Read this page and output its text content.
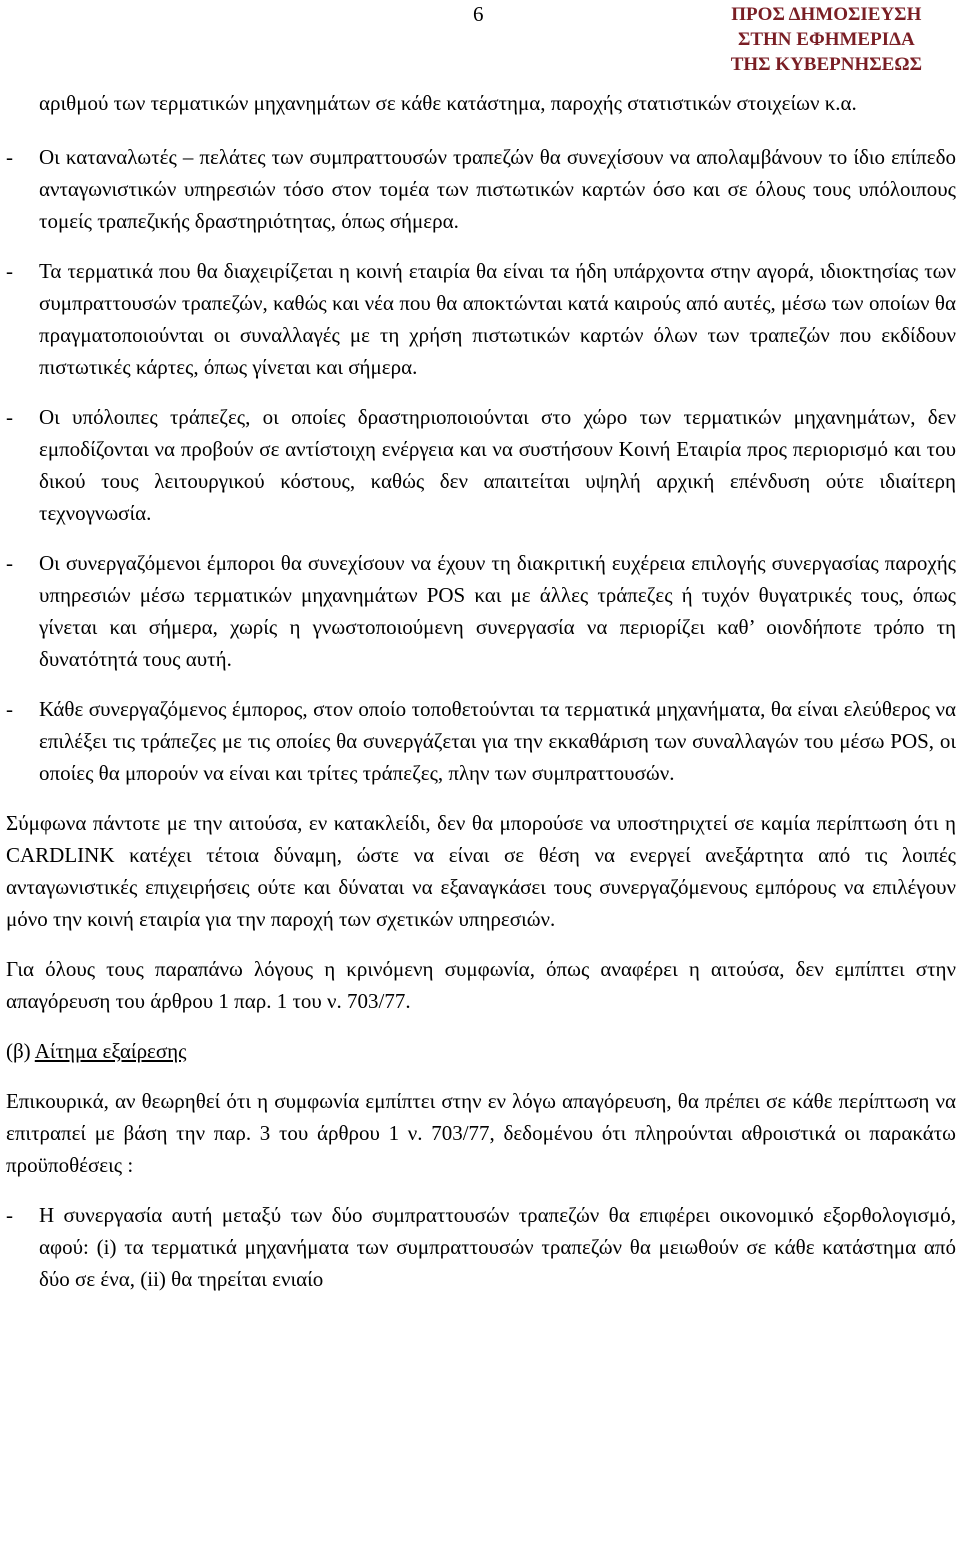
6	ΠΡΟΣ ΔΗΜΟΣΙΕΥΣΗ
ΣΤΗΝ ΕΦΗΜΕΡΙΔΑ
ΤΗΣ ΚΥΒΕΡΝΗΣΕΩΣ
αριθμού των τερματικών μηχανημάτων σε κάθε κατάστημα, παροχής στατιστικών στοιχείων κ.α.
- Οι καταναλωτές – πελάτες των συμπραττουσών τραπεζών θα συνεχίσουν να απολαμβάνουν το ίδιο επίπεδο ανταγωνιστικών υπηρεσιών τόσο στον τομέα των πιστωτικών καρτών όσο και σε όλους τους υπόλοιπους τομείς τραπεζικής δραστηριότητας, όπως σήμερα.
- Τα τερματικά που θα διαχειρίζεται η κοινή εταιρία θα είναι τα ήδη υπάρχοντα στην αγορά, ιδιοκτησίας των συμπραττουσών τραπεζών, καθώς και νέα που θα αποκτώνται κατά καιρούς από αυτές, μέσω των οποίων θα πραγματοποιούνται οι συναλλαγές με τη χρήση πιστωτικών καρτών όλων των τραπεζών που εκδίδουν πιστωτικές κάρτες, όπως γίνεται και σήμερα.
- Οι υπόλοιπες τράπεζες, οι οποίες δραστηριοποιούνται στο χώρο των τερματικών μηχανημάτων, δεν εμποδίζονται να προβούν σε αντίστοιχη ενέργεια και να συστήσουν Κοινή Εταιρία προς περιορισμό και του δικού τους λειτουργικού κόστους, καθώς δεν απαιτείται υψηλή αρχική επένδυση ούτε ιδιαίτερη τεχνογνωσία.
- Οι συνεργαζόμενοι έμποροι θα συνεχίσουν να έχουν τη διακριτική ευχέρεια επιλογής συνεργασίας παροχής υπηρεσιών μέσω τερματικών μηχανημάτων POS και με άλλες τράπεζες ή τυχόν θυγατρικές τους, όπως γίνεται και σήμερα, χωρίς η γνωστοποιούμενη συνεργασία να περιορίζει καθ’ οιονδήποτε τρόπο τη δυνατότητά τους αυτή.
- Κάθε συνεργαζόμενος έμπορος, στον οποίο τοποθετούνται τα τερματικά μηχανήματα, θα είναι ελεύθερος να επιλέξει τις τράπεζες με τις οποίες θα συνεργάζεται για την εκκαθάριση των συναλλαγών του μέσω POS, οι οποίες θα μπορούν να είναι και τρίτες τράπεζες, πλην των συμπραττουσών.

Σύμφωνα πάντοτε με την αιτούσα, εν κατακλείδι, δεν θα μπορούσε να υποστηριχτεί σε καμία περίπτωση ότι η CARDLINK κατέχει τέτοια δύναμη, ώστε να είναι σε θέση να ενεργεί ανεξάρτητα από τις λοιπές ανταγωνιστικές επιχειρήσεις ούτε και δύναται να εξαναγκάσει τους συνεργαζόμενους εμπόρους να επιλέγουν μόνο την κοινή εταιρία για την παροχή των σχετικών υπηρεσιών.

Για όλους τους παραπάνω λόγους η κρινόμενη συμφωνία, όπως αναφέρει η αιτούσα, δεν εμπίπτει στην απαγόρευση του άρθρου 1 παρ. 1 του ν. 703/77.

(β) Αίτημα εξαίρεσης

Επικουρικά, αν θεωρηθεί ότι η συμφωνία εμπίπτει στην εν λόγω απαγόρευση, θα πρέπει σε κάθε περίπτωση να επιτραπεί με βάση την παρ. 3 του άρθρου 1 ν. 703/77, δεδομένου ότι πληρούνται αθροιστικά οι παρακάτω προϋποθέσεις :

- Η συνεργασία αυτή μεταξύ των δύο συμπραττουσών τραπεζών θα επιφέρει οικονομικό εξορθολογισμό, αφού: (i) τα τερματικά μηχανήματα των συμπραττουσών τραπεζών θα μειωθούν σε κάθε κατάστημα από δύο σε ένα, (ii) θα τηρείται ενιαίο
